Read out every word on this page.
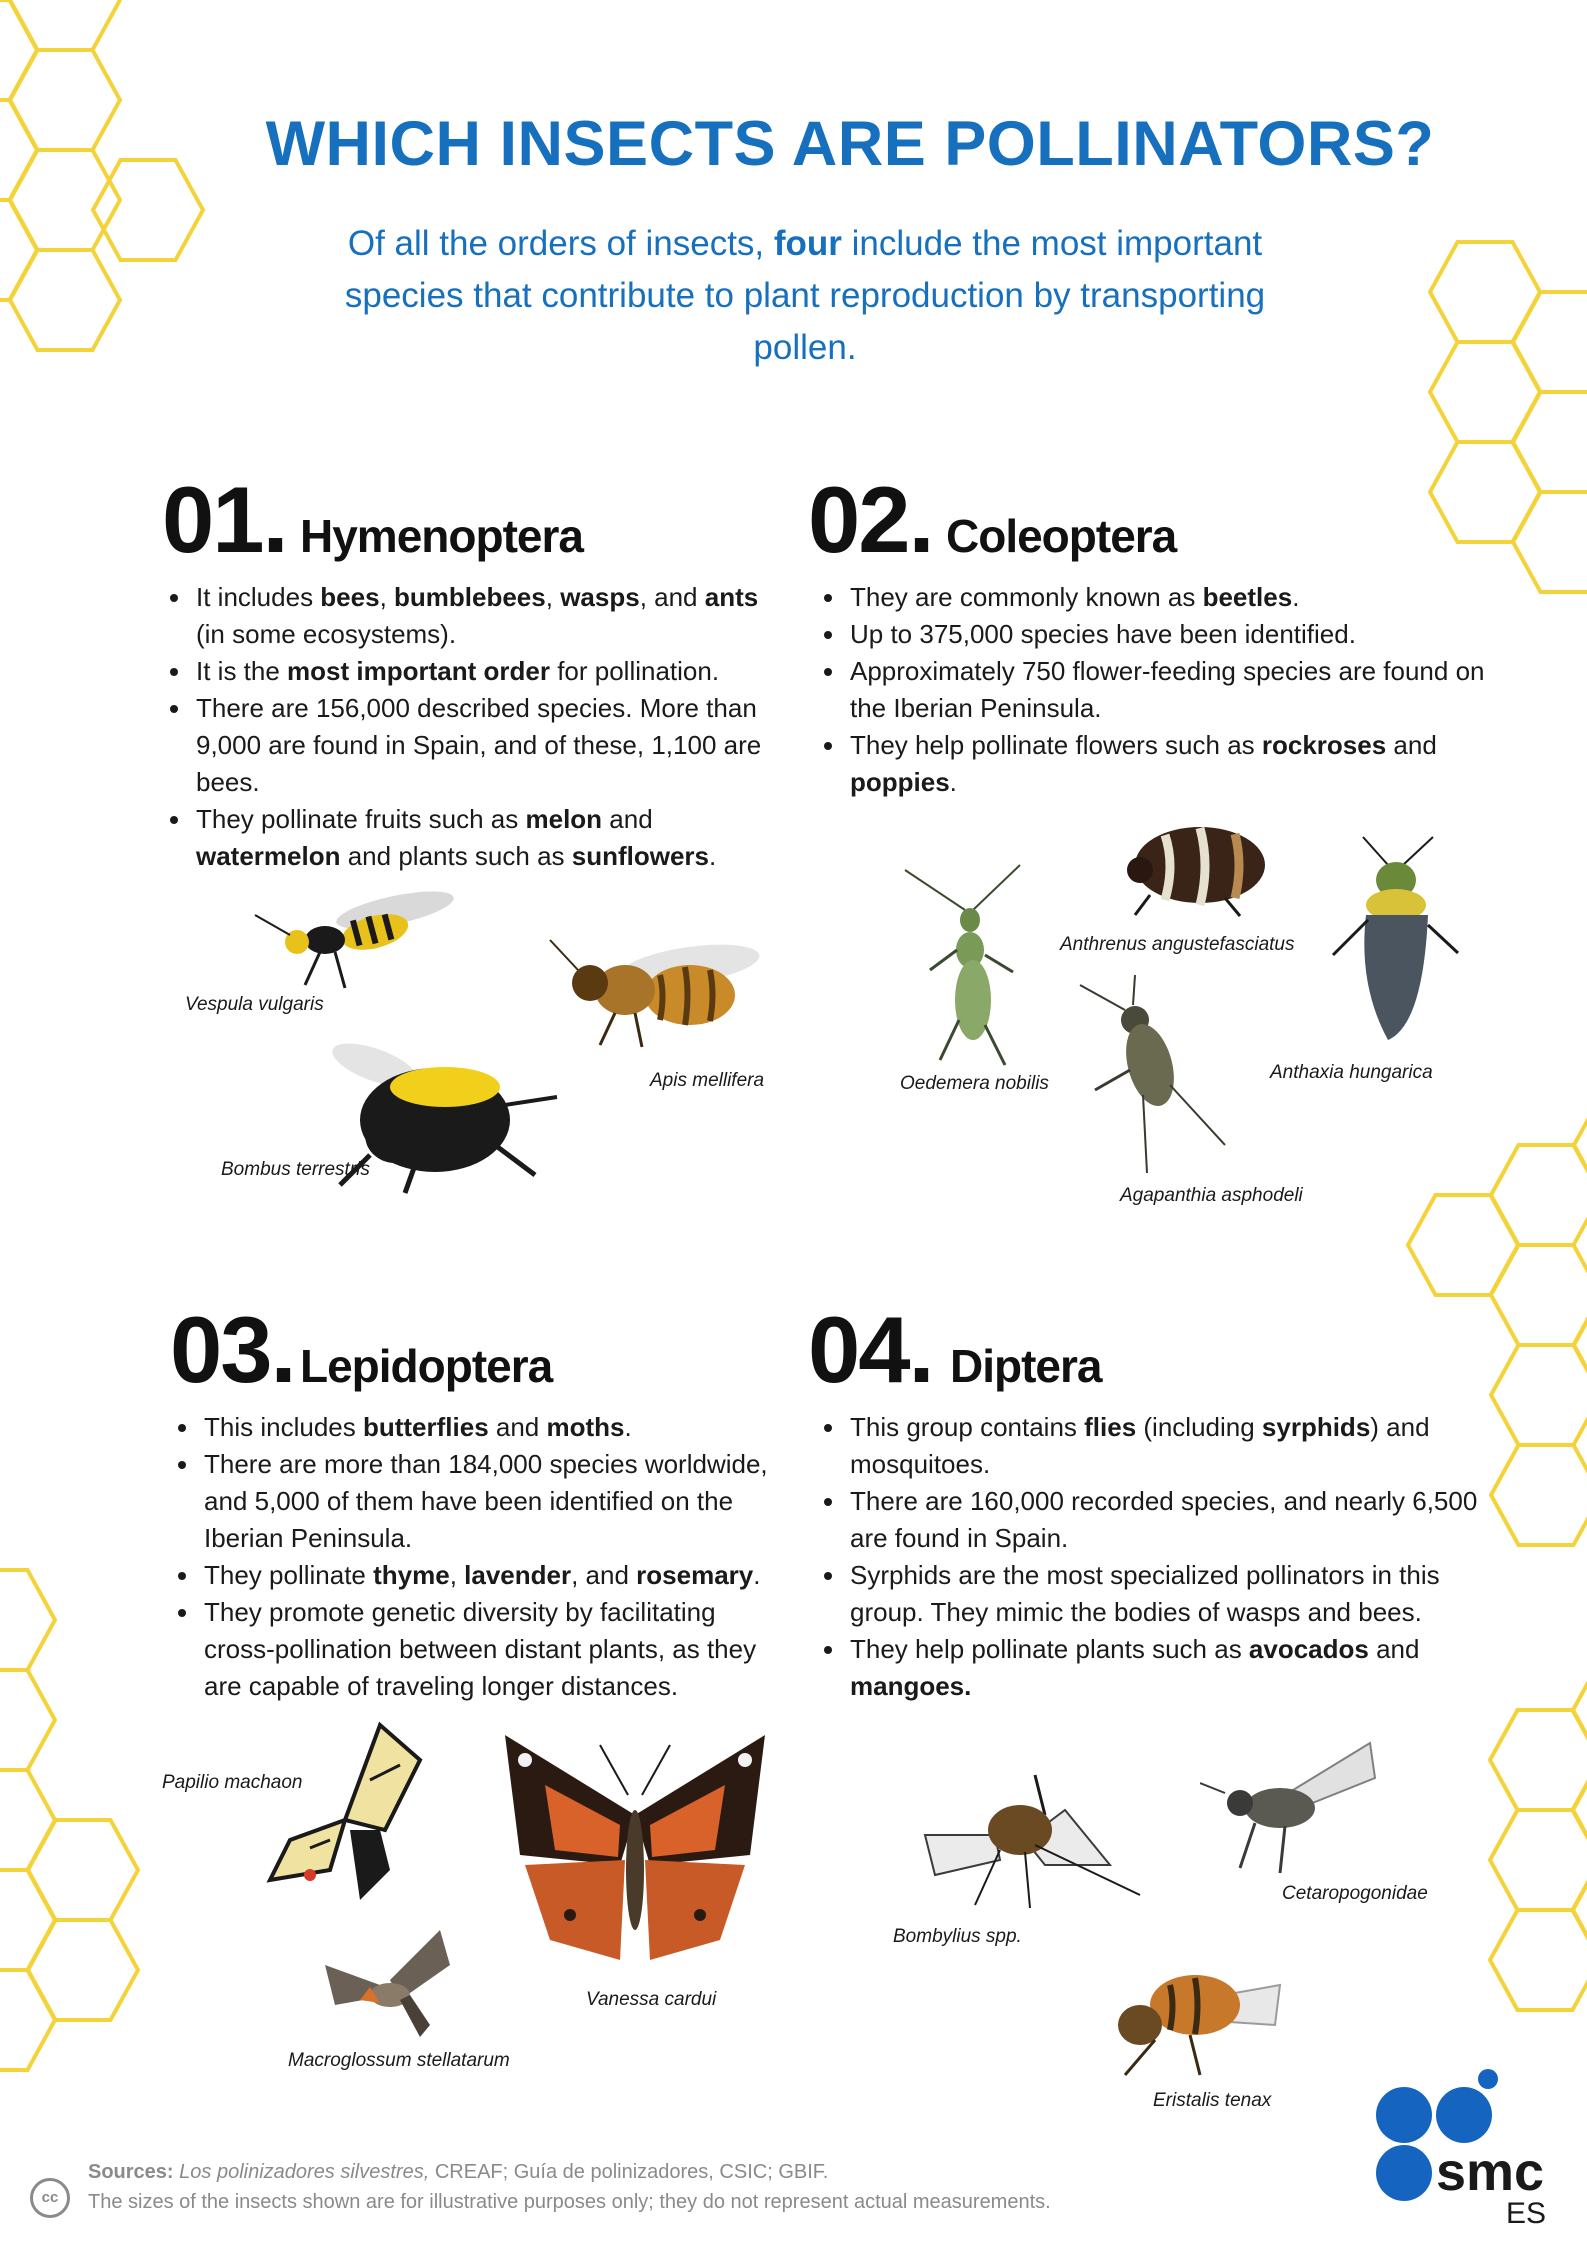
WHICH INSECTS ARE POLLINATORS?

Of all the orders of insects, four include the most important species that contribute to plant reproduction by transporting pollen.

01. Hymenoptera
It includes bees, bumblebees, wasps, and ants (in some ecosystems).
It is the most important order for pollination.
There are 156,000 described species. More than 9,000 are found in Spain, and of these, 1,100 are bees.
They pollinate fruits such as melon and watermelon and plants such as sunflowers.
02. Coleoptera
They are commonly known as beetles.
Up to 375,000 species have been identified.
Approximately 750 flower-feeding species are found on the Iberian Peninsula.
They help pollinate flowers such as rockroses and poppies.
03. Lepidoptera
This includes butterflies and moths.
There are more than 184,000 species worldwide, and 5,000 of them have been identified on the Iberian Peninsula.
They pollinate thyme, lavender, and rosemary.
They promote genetic diversity by facilitating cross-pollination between distant plants, as they are capable of traveling longer distances.
04. Diptera
This group contains flies (including syrphids) and mosquitoes.
There are 160,000 recorded species, and nearly 6,500 are found in Spain.
Syrphids are the most specialized pollinators in this group. They mimic the bodies of wasps and bees.
They help pollinate plants such as avocados and mangoes.
Vespula vulgaris
Apis mellifera
Bombus terrestris
Anthrenus angustefasciatus
Oedemera nobilis
Anthaxia hungarica
Agapanthia asphodeli
Papilio machaon
Vanessa cardui
Macroglossum stellatarum
Cetaropogonidae
Bombylius spp.
Eristalis tenax
cc
Sources: Los polinizadores silvestres, CREAF; Guía de polinizadores, CSIC; GBIF.
The sizes of the insects shown are for illustrative purposes only; they do not represent actual measurements.	smc
ES
